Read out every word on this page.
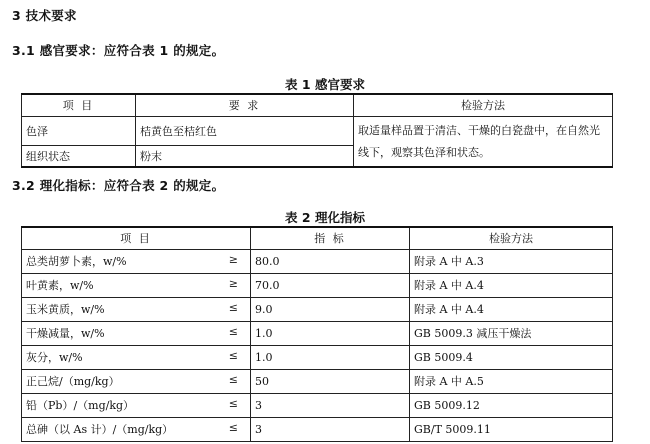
3 技术要求
3.1 感官要求：应符合表 1 的规定。
表 1 感官要求
项 目	要 求	检验方法
色泽	桔黄色至桔红色	取适量样品置于清洁、干燥的白瓷盘中，在自然光线下，观察其色泽和状态。
组织状态	粉末	
3.2 理化指标：应符合表 2 的规定。
表 2 理化指标
项 目	指 标	检验方法
总类胡萝卜素，w/% ≥	80.0	附录 A 中 A.3
叶黄素，w/% ≥	70.0	附录 A 中 A.4
玉米黄质，w/% ≤	9.0	附录 A 中 A.4
干燥减量，w/% ≤	1.0	GB 5009.3 减压干燥法
灰分，w/% ≤	1.0	GB 5009.4
正己烷/（mg/kg） ≤	50	附录 A 中 A.5
铅（Pb）/（mg/kg） ≤	3	GB 5009.12
总砷（以 As 计）/（mg/kg） ≤	3	GB/T 5009.11
